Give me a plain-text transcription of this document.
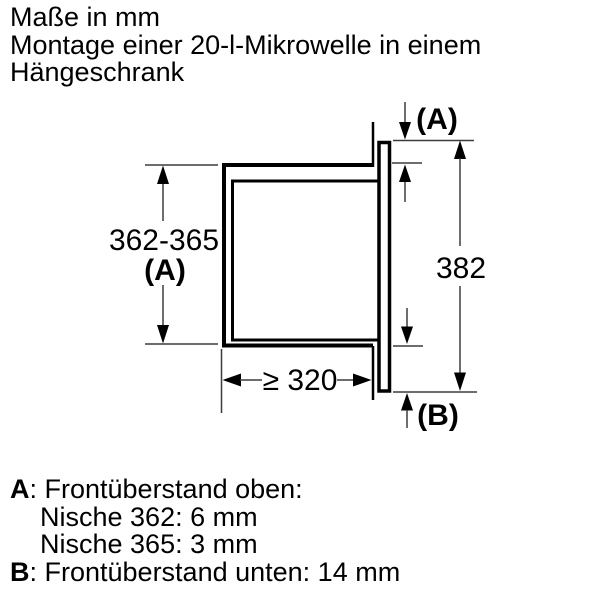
Maße in mm
Montage einer 20-l-Mikrowelle in einem
Hängeschrank
362-365
(A)
(A)
382
(B)
≥ 320
A: Frontüberstand oben:
Nische 362: 6 mm
Nische 365: 3 mm
B: Frontüberstand unten: 14 mm
